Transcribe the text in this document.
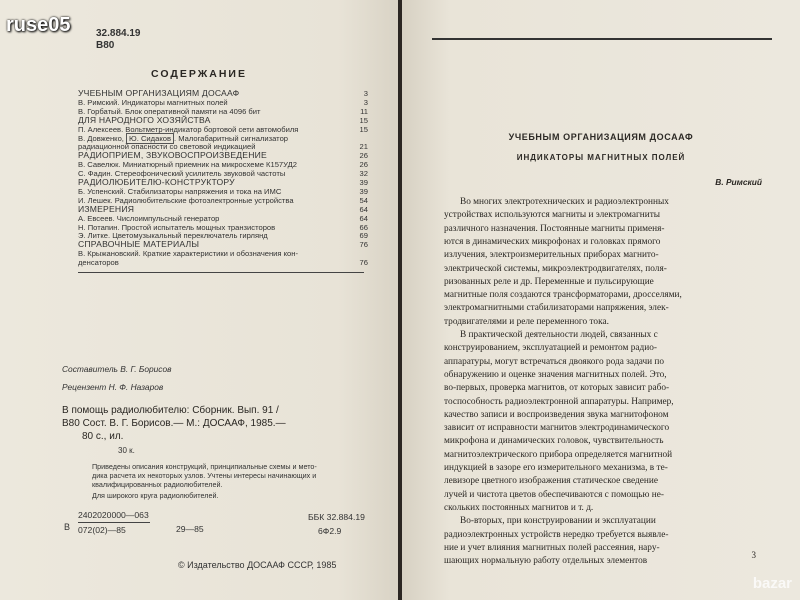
32.884.19
В80
СОДЕРЖАНИЕ
УЧЕБНЫМ ОРГАНИЗАЦИЯМ ДОСААФ	3
В. Римский. Индикаторы магнитных полей	3
В. Горбатый. Блок оперативной памяти на 4096 бит	11
ДЛЯ НАРОДНОГО ХОЗЯЙСТВА	15
П. Алексеев. Вольтметр-индикатор бортовой сети автомобиля	15
В. Довженко, Ю. Сидаков . Малогабаритный сигнализатор
радиационной опасности со световой индикацией	21
РАДИОПРИЕМ, ЗВУКОВОСПРОИЗВЕДЕНИЕ	26
В. Савелюк. Миниатюрный приемник на микросхеме К157УД2	26
С. Фадин. Стереофонический усилитель звуковой частоты	32
РАДИОЛЮБИТЕЛЮ-КОНСТРУКТОРУ	39
Б. Успенский. Стабилизаторы напряжения и тока на ИМС	39
И. Лешек. Радиолюбительские фотоэлектронные устройства	54
ИЗМЕРЕНИЯ	64
А. Евсеев. Числоимпульсный генератор	64
Н. Потапин. Простой испытатель мощных транзисторов	66
Э. Литке. Цветомузыкальный переключатель гирлянд	69
СПРАВОЧНЫЕ МАТЕРИАЛЫ	76
В. Крыжановский. Краткие характеристики и обозначения кон-
денсаторов	76
Составитель В. Г. Борисов
Рецензент Н. Ф. Назаров
В помощь радиолюбителю: Сборник. Вып. 91 /
В80 Сост. В. Г. Борисов.— М.: ДОСААФ, 1985.—
80 с., ил.
30 к.
Приведены описания конструкций, принципиальные схемы и мето-
дика расчета их некоторых узлов. Учтены интересы начинающих и
квалифицированных радиолюбителей.
Для широкого круга радиолюбителей.
В
2402020000—063
072(02)—85	29—85
ББК 32.884.19
6Ф2.9
© Издательство ДОСААФ СССР, 1985
УЧЕБНЫМ ОРГАНИЗАЦИЯМ ДОСААФ
ИНДИКАТОРЫ МАГНИТНЫХ ПОЛЕЙ
В. Римский
Во многих электротехнических и радиоэлектронных
устройствах используются магниты и электромагниты
различного назначения. Постоянные магниты применя-
ются в динамических микрофонах и головках прямого
излучения, электроизмерительных приборах магнито-
электрической системы, микроэлектродвигателях, поля-
ризованных реле и др. Переменные и пульсирующие
магнитные поля создаются трансформаторами, дросселями,
электромагнитными стабилизаторами напряжения, элек-
тродвигателями и реле переменного тока.
В практической деятельности людей, связанных с
конструированием, эксплуатацией и ремонтом радио-
аппаратуры, могут встречаться двоякого рода задачи по
обнаружению и оценке значения магнитных полей. Это,
во-первых, проверка магнитов, от которых зависит рабо-
тоспособность радиоэлектронной аппаратуры. Например,
качество записи и воспроизведения звука магнитофоном
зависит от исправности магнитов электродинамического
микрофона и динамических головок, чувствительность
магнитоэлектрического прибора определяется магнитной
индукцией в зазоре его измерительного механизма, в те-
левизоре цветного изображения статическое сведение
лучей и чистота цветов обеспечиваются с помощью не-
скольких постоянных магнитов и т. д.
Во-вторых, при конструировании и эксплуатации
радиоэлектронных устройств нередко требуется выявле-
ние и учет влияния магнитных полей рассеяния, нару-
шающих нормальную работу отдельных элементов
3
ruse05
bazar
